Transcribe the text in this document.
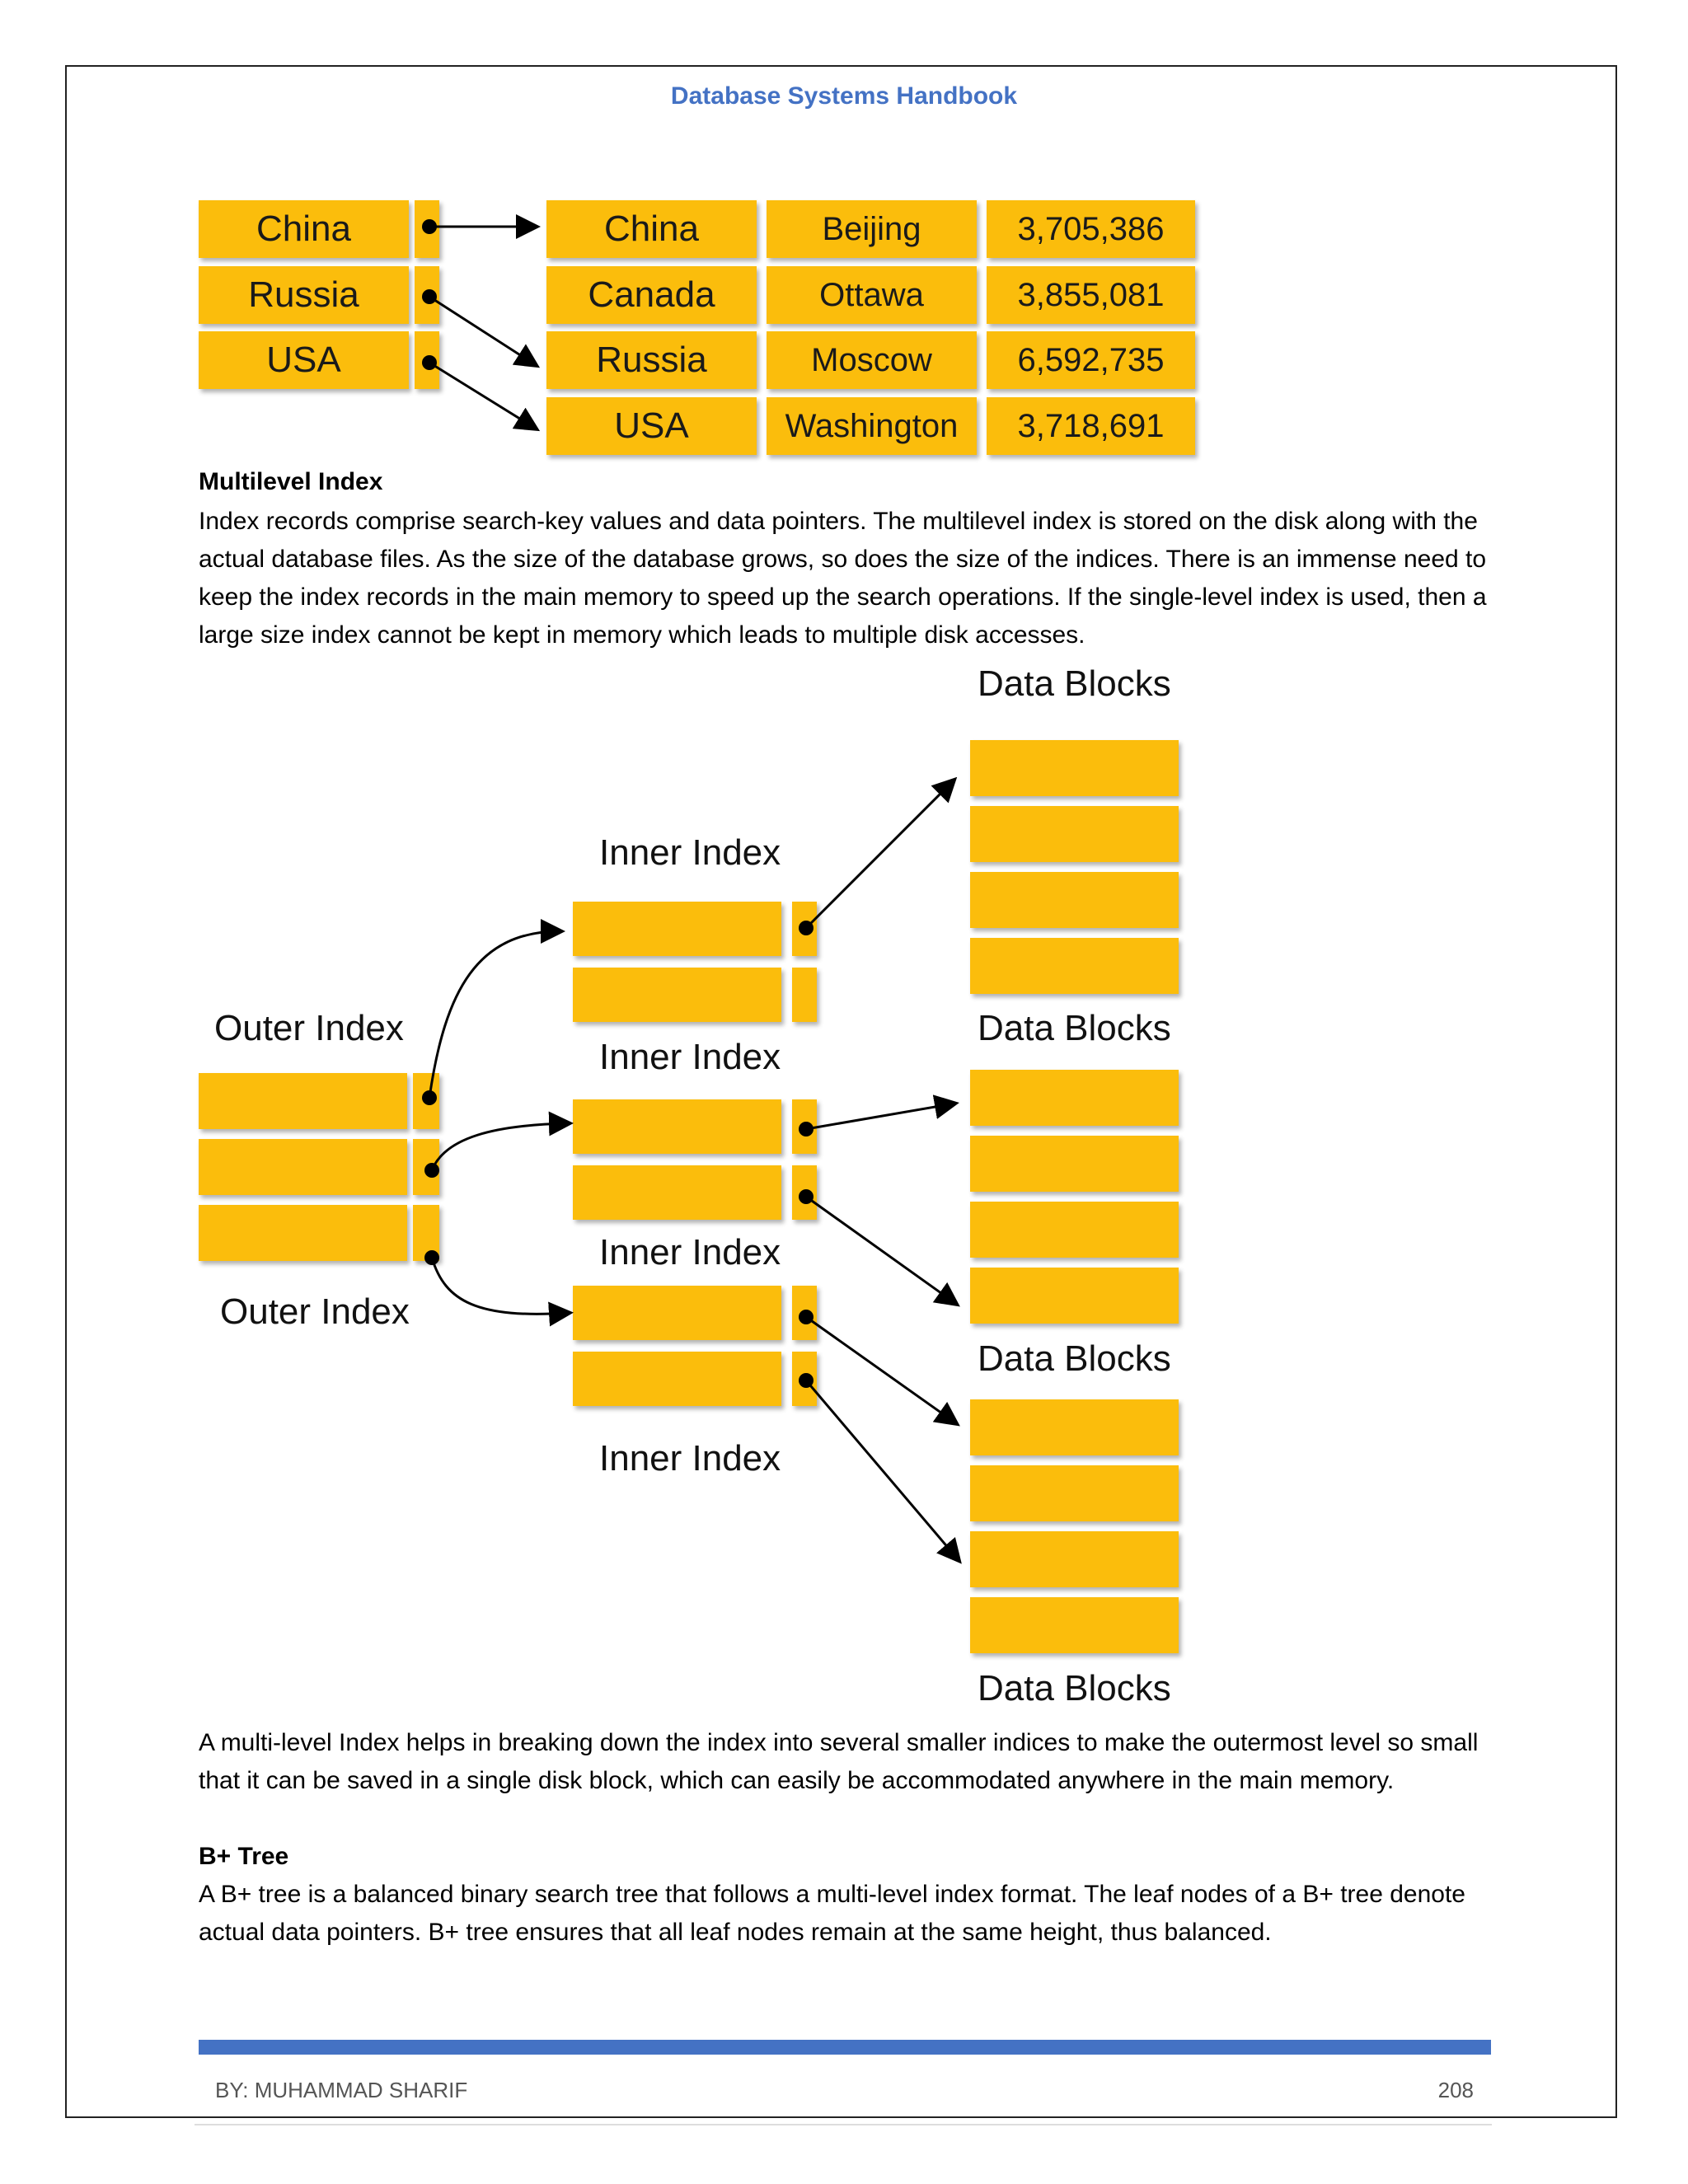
Database Systems Handbook
China
Russia
USA
China	Beijing	3,705,386
Canada	Ottawa	3,855,081
Russia	Moscow	6,592,735
USA	Washington	3,718,691
Multilevel Index
Index records comprise search-key values and data pointers. The multilevel index is stored on the disk along with the actual database files. As the size of the database grows, so does the size of the indices. There is an immense need to keep the index records in the main memory to speed up the search operations. If the single-level index is used, then a large size index cannot be kept in memory which leads to multiple disk accesses.
Data Blocks
Inner Index
Outer Index	Data Blocks
Inner Index
Inner Index
Outer Index
Data Blocks
Inner Index
Data Blocks
A multi-level Index helps in breaking down the index into several smaller indices to make the outermost level so small that it can be saved in a single disk block, which can easily be accommodated anywhere in the main memory.
B+ Tree
A B+ tree is a balanced binary search tree that follows a multi-level index format. The leaf nodes of a B+ tree denote actual data pointers. B+ tree ensures that all leaf nodes remain at the same height, thus balanced.
BY: MUHAMMAD SHARIF	208
